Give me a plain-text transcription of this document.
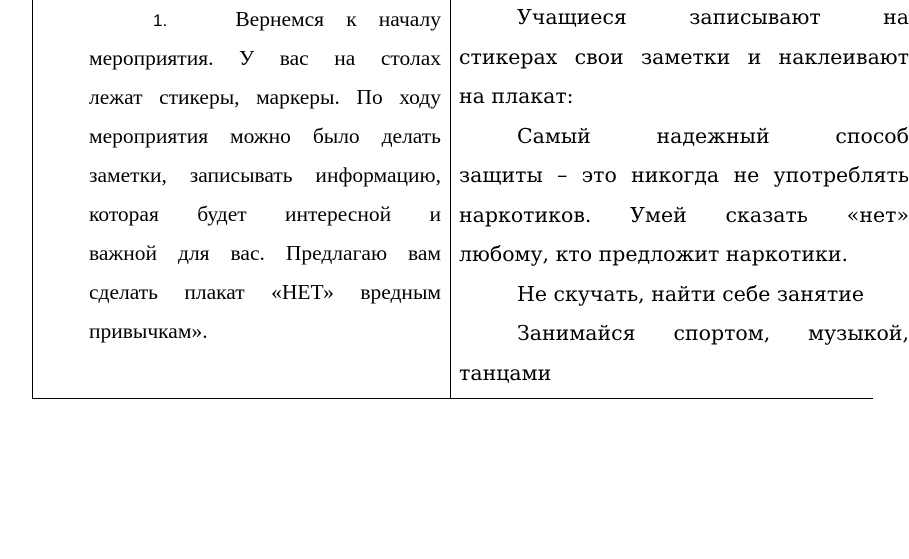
1.	Вернемся к началу
мероприятия. У вас на столах
лежат стикеры, маркеры. По ходу
мероприятия можно было делать
заметки, записывать информацию,
которая будет интересной и
важной для вас. Предлагаю вам
сделать плакат «НЕТ» вредным
привычкам».
Учащиеся записывают на
стикерах свои заметки и наклеивают
на плакат:
Самый надежный способ
защиты – это никогда не употреблять
наркотиков. Умей сказать «нет»
любому, кто предложит наркотики.
Не скучать, найти себе занятие
Занимайся спортом, музыкой,
танцами
